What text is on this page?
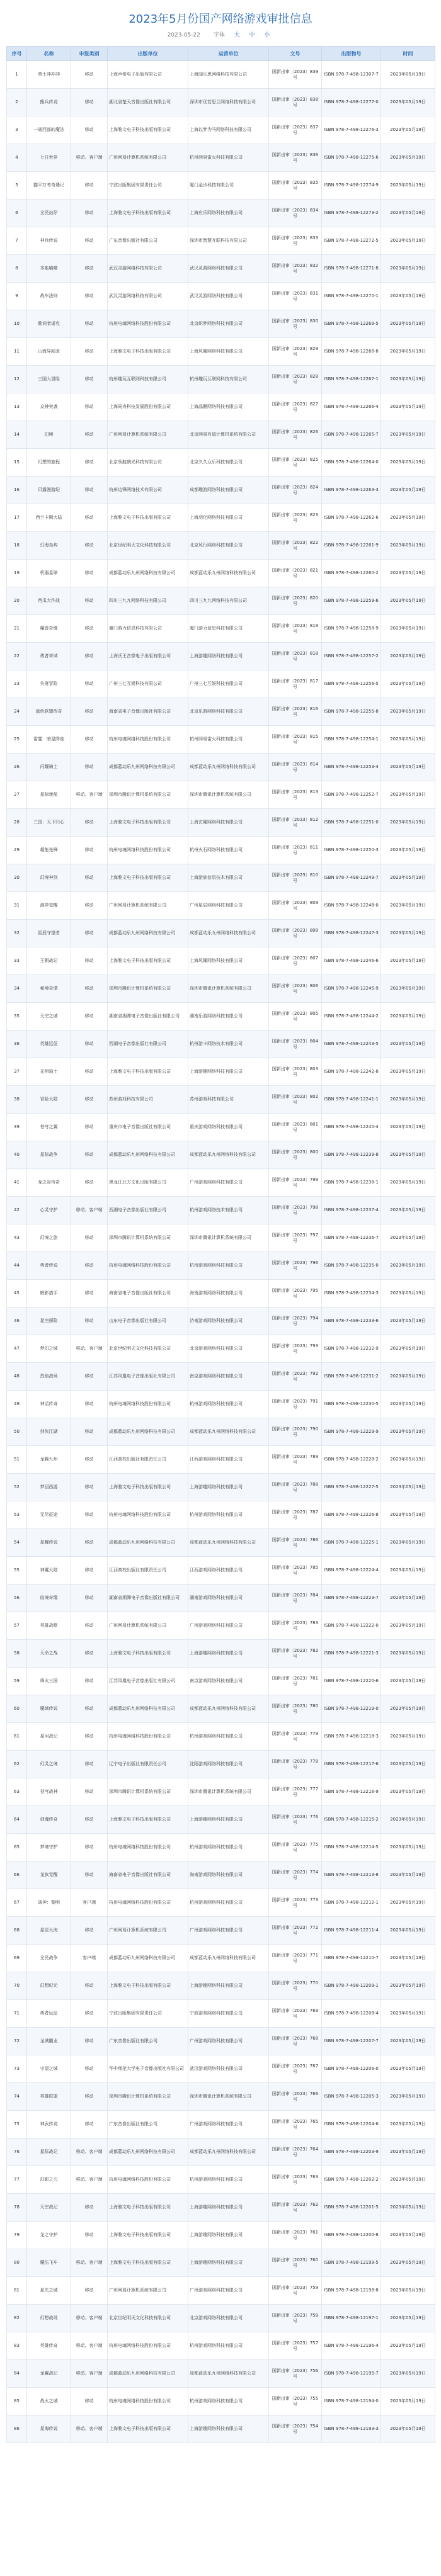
2023年5月份国产网络游戏审批信息
2023-05-22 字体 大 中 小
序号	名称	申报类别	出版单位	运营单位	文号	出版物号	时间
1	勇士冲冲冲	移动	上海声希电子出版有限公司	上海闻乐思网络科技有限公司	国新出审〔2023〕839号	ISBN 978-7-498-12307-7	2023年05月19日
2	熊兵传说	移动	湖北省楚天音像出版社有限公司	深圳市优若思兰网络科技有限公司	国新出审〔2023〕838号	ISBN 978-7-498-12277-0	2023年05月19日
3	一战西部的魔法	移动	上海雅文电子科技出版有限公司	上海以梦为马网络科技有限公司	国新出审〔2023〕837号	ISBN 978-7-498-12276-3	2023年05月19日
4	七日世界	移动、客户端	广州网易计算机系统有限公司	杭州网易雷火科技有限公司	国新出审〔2023〕836号	ISBN 978-7-498-12275-6	2023年05月19日
5	猫平万考奇遇记	移动	宁波出版集团有限责任公司	厦门金沙科技有限公司	国新出审〔2023〕835号	ISBN 978-7-498-12274-9	2023年05月19日
6	全民站仔	移动	上海雅文电子科技出版有限公司	上海应乐网络科技有限公司	国新出审〔2023〕834号	ISBN 978-7-498-12273-2	2023年05月19日
7	神兵传说	移动	广东音像出版社有限公司	深圳市智慧互联科技有限公司	国新出审〔2023〕833号	ISBN 978-7-498-12272-5	2023年05月19日
8	本能喵喵	移动	武汉灵游网络科技有限公司	武汉灵游网络科技有限公司	国新出审〔2023〕832号	ISBN 978-7-498-12271-8	2023年05月19日
9	战车法则	移动	武汉灵游网络科技有限公司	武汉灵游网络科技有限公司	国新出审〔2023〕831号	ISBN 978-7-498-12270-1	2023年05月19日
10	歌词者诺克	移动	杭州电魂网络科技股份有限公司	北京织梦网络科技有限公司	国新出审〔2023〕830号	ISBN 978-7-498-12269-5	2023年05月19日
11	山海异闻录	移动	上海雅文电子科技出版有限公司	上海风曜网络科技有限公司	国新出审〔2023〕829号	ISBN 978-7-498-12268-8	2023年05月19日
12	三国大冒险	移动	杭州趣玩互联网科技有限公司	杭州趣玩互联网科技有限公司	国新出审〔2023〕828号	ISBN 978-7-498-12267-1	2023年05月19日
13	众神突袭	移动	上海同舟科技发展股份有限公司	上海晶鹏网络科技有限公司	国新出审〔2023〕827号	ISBN 978-7-498-12266-4	2023年05月19日
14	幻境	移动	广州网易计算机系统有限公司	北京网易有道计算机系统有限公司	国新出审〔2023〕826号	ISBN 978-7-498-12265-7	2023年05月19日
15	幻想的旅程	移动	北京领航朝光科技有限公司	北京久久众乐科技有限公司	国新出审〔2023〕825号	ISBN 978-7-498-12264-0	2023年05月19日
16	贝露漫游纪	移动	杭州边锋网络技术有限公司	成都趣游网络科技有限公司	国新出审〔2023〕824号	ISBN 978-7-498-12263-3	2023年05月19日
17	西兰卡斯大陆	移动	上海雅文电子科技出版有限公司	上海羽化网络科技有限公司	国新出审〔2023〕823号	ISBN 978-7-498-12262-6	2023年05月19日
18	幻海岛屿	移动	北京世纪明天文化科技有限公司	北京风行网络科技有限公司	国新出审〔2023〕822号	ISBN 978-7-498-12261-9	2023年05月19日
19	机器星球	移动	成都蓝动乐九州网络科技有限公司	成都蓝动乐九州网络科技有限公司	国新出审〔2023〕821号	ISBN 978-7-498-12260-2	2023年05月19日
20	西瓜大作战	移动	四川三九九网络科技有限公司	四川三九九网络科技有限公司	国新出审〔2023〕820号	ISBN 978-7-498-12259-6	2023年05月19日
21	魔兽奇缘	移动	厦门游力信息科技有限公司	厦门游力信息科技有限公司	国新出审〔2023〕819号	ISBN 978-7-498-12258-9	2023年05月19日
22	勇者奇域	移动	上海沃王音像电子出版有限公司	上海游趣网络科技有限公司	国新出审〔2023〕818号	ISBN 978-7-498-12257-2	2023年05月19日
23	失落冒险	移动	广州三七互娱科技有限公司	广州三七互娱科技有限公司	国新出审〔2023〕817号	ISBN 978-7-498-12256-5	2023年05月19日
24	蓝色联盟传奇	移动	海南省电子音像出版社有限公司	北京乐游网络科技有限公司	国新出审〔2023〕816号	ISBN 978-7-498-12255-8	2023年05月19日
25	雷霆：暗星降临	移动	杭州电魂网络科技股份有限公司	杭州网易雷火科技有限公司	国新出审〔2023〕815号	ISBN 978-7-498-12254-1	2023年05月19日
26	闪耀骑士	移动	成都蓝动乐九州网络科技有限公司	成都蓝动乐九州网络科技有限公司	国新出审〔2023〕814号	ISBN 978-7-498-12253-4	2023年05月19日
27	星际迷航	移动、客户端	深圳市腾讯计算机系统有限公司	深圳市腾讯计算机系统有限公司	国新出审〔2023〕813号	ISBN 978-7-498-12252-7	2023年05月19日
28	三国：天下归心	移动	上海雅文电子科技出版有限公司	上海玄曜网络科技有限公司	国新出审〔2023〕812号	ISBN 978-7-498-12251-0	2023年05月19日
29	超能先锋	移动	杭州电魂网络科技股份有限公司	杭州火石网络科技有限公司	国新出审〔2023〕811号	ISBN 978-7-498-12250-3	2023年05月19日
30	幻境神剑	移动	上海雅文电子科技出版有限公司	上海游族信息技术有限公司	国新出审〔2023〕810号	ISBN 978-7-498-12249-7	2023年05月19日
31	源界觉醒	移动	广州网易计算机系统有限公司	广州星辰网络科技有限公司	国新出审〔2023〕809号	ISBN 978-7-498-12248-0	2023年05月19日
32	星辰守望者	移动	成都蓝动乐九州网络科技有限公司	成都蓝动乐九州网络科技有限公司	国新出审〔2023〕808号	ISBN 978-7-498-12247-3	2023年05月19日
33	王朝战记	移动	上海雅文电子科技出版有限公司	上海风曜网络科技有限公司	国新出审〔2023〕807号	ISBN 978-7-498-12246-6	2023年05月19日
34	秘境奇谭	移动	深圳市腾讯计算机系统有限公司	深圳市腾讯计算机系统有限公司	国新出审〔2023〕806号	ISBN 978-7-498-12245-9	2023年05月19日
35	天空之城	移动	湖南省湘潭电子音像出版社有限公司	湖南乐游网络科技有限公司	国新出审〔2023〕805号	ISBN 978-7-498-12244-2	2023年05月19日
36	英雄远征	移动	西湖电子音像出版社有限公司	杭州游卡网络技术有限公司	国新出审〔2023〕804号	ISBN 978-7-498-12243-5	2023年05月19日
37	光明骑士	移动	上海雅文电子科技出版有限公司	上海游趣网络科技有限公司	国新出审〔2023〕803号	ISBN 978-7-498-12242-8	2023年05月19日
38	冒险大陆	移动	苏州游戏科技有限公司	苏州游戏科技有限公司	国新出审〔2023〕802号	ISBN 978-7-498-12241-1	2023年05月19日
39	苍穹之翼	移动	重庆市电子音像出版社有限公司	重庆游戏网络科技有限公司	国新出审〔2023〕801号	ISBN 978-7-498-12240-4	2023年05月19日
40	星际战争	移动	成都蓝动乐九州网络科技有限公司	成都蓝动乐九州网络科技有限公司	国新出审〔2023〕800号	ISBN 978-7-498-12239-8	2023年05月19日
41	龙之谷传奇	移动	黑龙江北方文化出版有限公司	广州游戏网络科技有限公司	国新出审〔2023〕799号	ISBN 978-7-498-12238-1	2023年05月19日
42	心灵守护	移动、客户端	西湖电子音像出版社有限公司	杭州游戏网络技术有限公司	国新出审〔2023〕798号	ISBN 978-7-498-12237-4	2023年05月19日
43	幻境之旅	移动	深圳市腾讯计算机系统有限公司	深圳市腾讯计算机系统有限公司	国新出审〔2023〕797号	ISBN 978-7-498-12236-7	2023年05月19日
44	勇者传说	移动	杭州电魂网络科技股份有限公司	杭州游戏网络科技有限公司	国新出审〔2023〕796号	ISBN 978-7-498-12235-0	2023年05月19日
45	暗影猎手	移动	海南省电子音像出版社有限公司	海南游戏网络科技有限公司	国新出审〔2023〕795号	ISBN 978-7-498-12234-3	2023年05月19日
46	星空探险	移动	山东电子音像出版社有限公司	济南游戏网络科技有限公司	国新出审〔2023〕794号	ISBN 978-7-498-12233-6	2023年05月19日
47	梦幻之城	移动、客户端	北京世纪明天文化科技有限公司	北京游戏网络科技有限公司	国新出审〔2023〕793号	ISBN 978-7-498-12232-9	2023年05月19日
48	烈焰战场	移动	江苏凤凰电子音像出版社有限公司	南京游戏网络科技有限公司	国新出审〔2023〕792号	ISBN 978-7-498-12231-2	2023年05月19日
49	神话传奇	移动	杭州电魂网络科技股份有限公司	杭州游戏网络科技有限公司	国新出审〔2023〕791号	ISBN 978-7-498-12230-5	2023年05月19日
50	剑侠江湖	移动	成都蓝动乐九州网络科技有限公司	成都蓝动乐九州网络科技有限公司	国新出审〔2023〕790号	ISBN 978-7-498-12229-9	2023年05月19日
51	龙腾九州	移动	江西高校出版社有限责任公司	江西游戏网络科技有限公司	国新出审〔2023〕789号	ISBN 978-7-498-12228-2	2023年05月19日
52	梦回西游	移动	上海雅文电子科技出版有限公司	上海游趣网络科技有限公司	国新出审〔2023〕788号	ISBN 978-7-498-12227-5	2023年05月19日
53	无尽征途	移动	杭州电魂网络科技股份有限公司	杭州游戏网络科技有限公司	国新出审〔2023〕787号	ISBN 978-7-498-12226-8	2023年05月19日
54	星耀传说	移动	成都蓝动乐九州网络科技有限公司	成都蓝动乐九州网络科技有限公司	国新出审〔2023〕786号	ISBN 978-7-498-12225-1	2023年05月19日
55	神魔大陆	移动	江西高校出版社有限责任公司	江西游戏网络科技有限公司	国新出审〔2023〕785号	ISBN 978-7-498-12224-4	2023年05月19日
56	仙境奇缘	移动	湖南省湘潭电子音像出版社有限公司	湖南游戏网络科技有限公司	国新出审〔2023〕784号	ISBN 978-7-498-12223-7	2023年05月19日
57	英雄战歌	移动	广州网易计算机系统有限公司	广州游戏网络科技有限公司	国新出审〔2023〕783号	ISBN 978-7-498-12222-0	2023年05月19日
58	天命之战	移动	上海雅文电子科技出版有限公司	上海游趣网络科技有限公司	国新出审〔2023〕782号	ISBN 978-7-498-12221-3	2023年05月19日
59	烽火三国	移动	江苏凤凰电子音像出版社有限公司	南京游戏网络科技有限公司	国新出审〔2023〕781号	ISBN 978-7-498-12220-6	2023年05月19日
60	魔域传说	移动	成都蓝动乐九州网络科技有限公司	成都蓝动乐九州网络科技有限公司	国新出审〔2023〕780号	ISBN 978-7-498-12219-0	2023年05月19日
61	星河战记	移动	杭州电魂网络科技股份有限公司	杭州游戏网络科技有限公司	国新出审〔2023〕779号	ISBN 978-7-498-12218-3	2023年05月19日
62	幻灵之境	移动	辽宁电子出版社有限责任公司	沈阳游戏网络科技有限公司	国新出审〔2023〕778号	ISBN 978-7-498-12217-6	2023年05月19日
63	苍穹战神	移动	深圳市腾讯计算机系统有限公司	深圳市腾讯计算机系统有限公司	国新出审〔2023〕777号	ISBN 978-7-498-12216-9	2023年05月19日
64	剑魂传奇	移动	上海雅文电子科技出版有限公司	上海游趣网络科技有限公司	国新出审〔2023〕776号	ISBN 978-7-498-12215-2	2023年05月19日
65	梦境守护	移动	杭州电魂网络科技股份有限公司	杭州游戏网络科技有限公司	国新出审〔2023〕775号	ISBN 978-7-498-12214-5	2023年05月19日
66	龙族觉醒	移动	海南省电子音像出版社有限公司	海南游戏网络科技有限公司	国新出审〔2023〕774号	ISBN 978-7-498-12213-8	2023年05月19日
67	战神：黎明	客户端	杭州电魂网络科技股份有限公司	杭州游戏网络科技有限公司	国新出审〔2023〕773号	ISBN 978-7-498-12212-1	2023年05月19日
68	星辰大海	移动	广州网易计算机系统有限公司	广州游戏网络科技有限公司	国新出审〔2023〕772号	ISBN 978-7-498-12211-4	2023年05月19日
69	全民战争	客户端	成都蓝动乐九州网络科技有限公司	成都蓝动乐九州网络科技有限公司	国新出审〔2023〕771号	ISBN 978-7-498-12210-7	2023年05月19日
70	幻想纪元	移动	上海雅文电子科技出版有限公司	上海游趣网络科技有限公司	国新出审〔2023〕770号	ISBN 978-7-498-12209-1	2023年05月19日
71	勇者远征	移动	宁波出版集团有限责任公司	宁波游戏网络科技有限公司	国新出审〔2023〕769号	ISBN 978-7-498-12208-4	2023年05月19日
72	龙城霸业	移动	广东音像出版社有限公司	广州游戏网络科技有限公司	国新出审〔2023〕768号	ISBN 978-7-498-12207-7	2023年05月19日
73	守望之城	移动	华中师范大学电子音像出版社有限公司	武汉游戏网络科技有限公司	国新出审〔2023〕767号	ISBN 978-7-498-12206-0	2023年05月19日
74	英雄联盟	移动	深圳市腾讯计算机系统有限公司	深圳市腾讯计算机系统有限公司	国新出审〔2023〕766号	ISBN 978-7-498-12205-3	2023年05月19日
75	神武传说	移动	广东音像出版社有限公司	广州游戏网络科技有限公司	国新出审〔2023〕765号	ISBN 978-7-498-12204-6	2023年05月19日
76	星际战记	移动、客户端	成都蓝动乐九州网络科技有限公司	成都蓝动乐九州网络科技有限公司	国新出审〔2023〕764号	ISBN 978-7-498-12203-9	2023年05月19日
77	幻影之刃	移动、客户端	杭州电魂网络科技股份有限公司	杭州游戏网络科技有限公司	国新出审〔2023〕763号	ISBN 978-7-498-12202-2	2023年05月19日
78	天空战记	移动	上海雅文电子科技出版有限公司	上海游趣网络科技有限公司	国新出审〔2023〕762号	ISBN 978-7-498-12201-5	2023年05月19日
79	龙之守护	移动	上海雅文电子科技出版有限公司	上海游趣网络科技有限公司	国新出审〔2023〕761号	ISBN 978-7-498-12200-8	2023年05月19日
80	魔法飞车	移动、客户端	上海雅文电子科技出版有限公司	上海游趣网络科技有限公司	国新出审〔2023〕760号	ISBN 978-7-498-12199-5	2023年05月19日
81	星光之城	移动	广州网易计算机系统有限公司	广州游戏网络科技有限公司	国新出审〔2023〕759号	ISBN 978-7-498-12198-8	2023年05月19日
82	幻想战场	移动、客户端	北京世纪明天文化科技有限公司	北京游戏网络科技有限公司	国新出审〔2023〕758号	ISBN 978-7-498-12197-1	2023年05月19日
83	英雄传奇	移动、客户端	杭州电魂网络科技股份有限公司	杭州游戏网络科技有限公司	国新出审〔2023〕757号	ISBN 978-7-498-12196-4	2023年05月19日
84	龙翼战记	移动、客户端	成都蓝动乐九州网络科技有限公司	成都蓝动乐九州网络科技有限公司	国新出审〔2023〕756号	ISBN 978-7-498-12195-7	2023年05月19日
85	战火之城	移动	杭州电魂网络科技股份有限公司	杭州游戏网络科技有限公司	国新出审〔2023〕755号	ISBN 978-7-498-12194-0	2023年05月19日
86	星海传说	移动、客户端	上海雅文电子科技出版有限公司	上海游趣网络科技有限公司	国新出审〔2023〕754号	ISBN 978-7-498-12193-3	2023年05月19日
